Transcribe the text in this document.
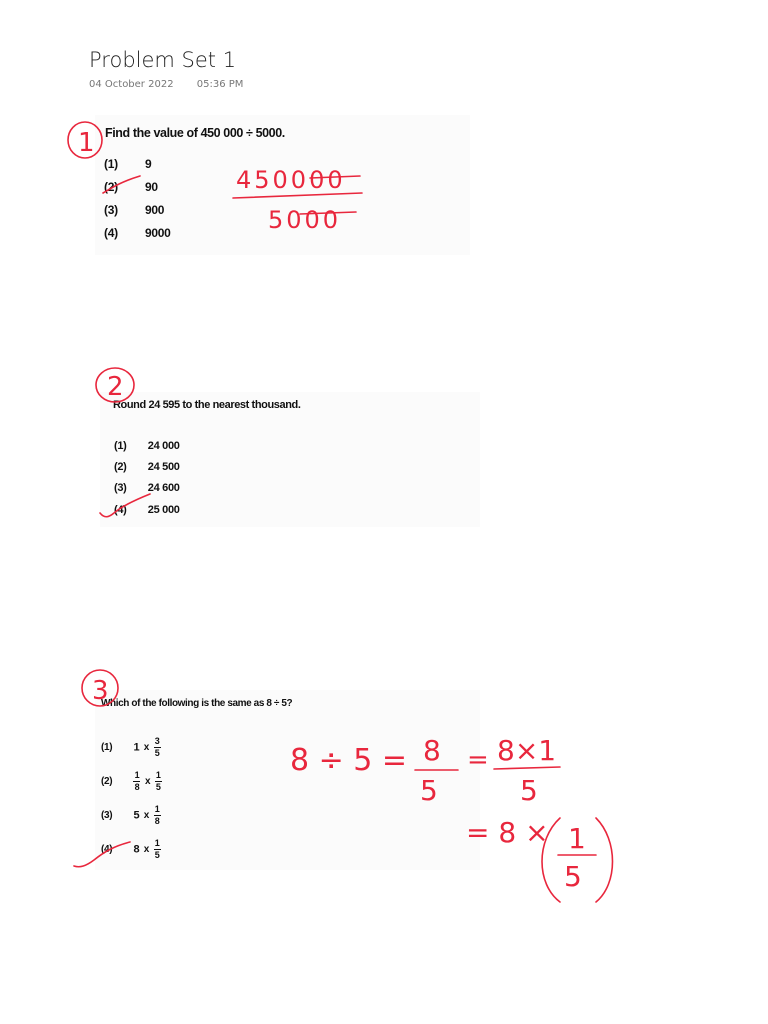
Problem Set 1
04 October 2022 05:36 PM
Find the value of 450 000 ÷ 5000.
(1) 9
(2) 90
(3) 900
(4) 9000
Round 24 595 to the nearest thousand.
(1) 24 000
(2) 24 500
(3) 24 600
(4) 25 000
Which of the following is the same as 8 ÷ 5?
(1) 1 x $\frac{3}{5}$
$(2) \frac{1}{8}$ x $\frac{1}{5}$
(3) 5 x $\frac{1}{8}$
(4) 8 x $\frac{1}{5}$
1
450000
5000
2
3
8 ÷ 5 = 8
5
= 8×1
5
= 8 × 1
5
